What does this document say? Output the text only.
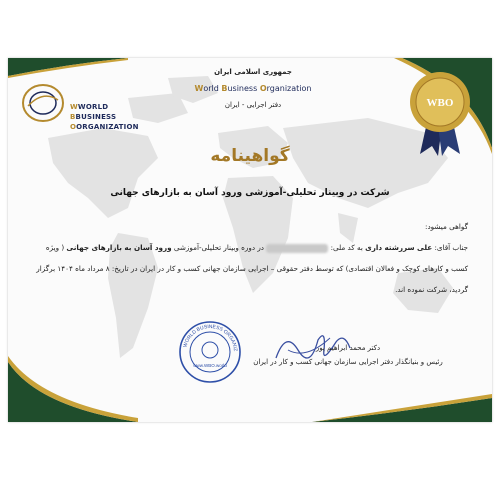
WWORLD
BBUSINESS
OORGANIZATION
جمهوری اسلامی ایران
World Business Organization
دفتر اجرایی - ایران	WBO
گواهینامه
شرکت در وبینار تحلیلی-آموزشی ورود آسان به بازارهای جهانی

گواهی میشود:

جناب آقای: علی سررشته داری به کد ملی:  در دوره وبینار تحلیلی-آموزشی ورود آسان به بازارهای جهانی ( ویژه کسب و کارهای کوچک و فعالان اقتصادی) که توسط دفتر حقوقی – اجرایی سازمان جهانی کسب و کار در ایران در تاریخ: ۸ مرداد ماه ۱۴۰۴ برگزار گردید، شرکت نموده اند.

دکتر محمد ابراهیم پور
رئیس و بنیانگذار دفتر اجرایی سازمان جهانی کسب و کار در ایران
WORLD BUSINESS ORGANIZ
www.WBO.world
